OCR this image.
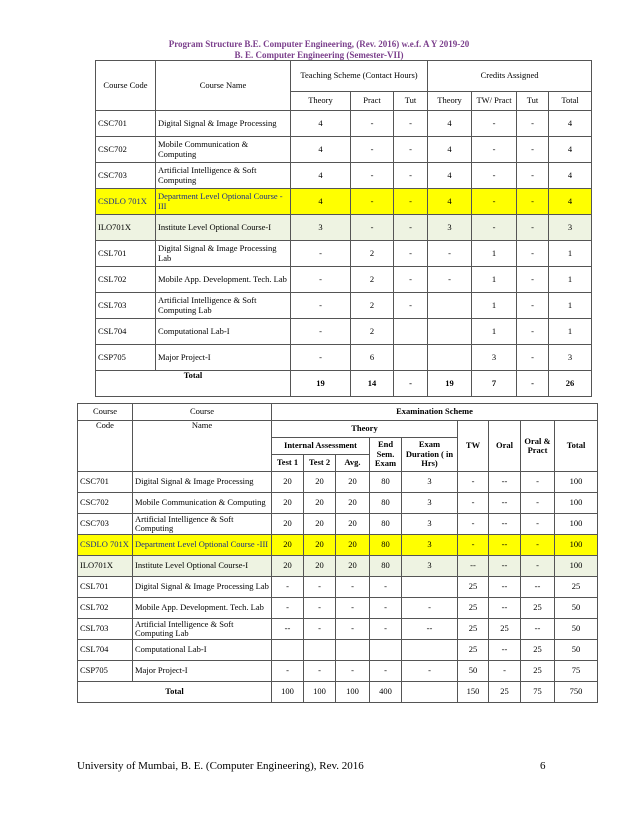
Program Structure B.E. Computer Engineering, (Rev. 2016) w.e.f. A Y 2019-20
B. E. Computer Engineering (Semester-VII)
Course Code	Course Name	Teaching Scheme (Contact Hours)			Credits Assigned			
		Theory	Pract	Tut	Theory	TW/ Pract	Tut	Total
CSC701	Digital Signal & Image Processing	4	-	-	4	-	-	4
CSC702	Mobile Communication & Computing	4	-	-	4	-	-	4
CSC703	Artificial Intelligence & Soft Computing	4	-	-	4	-	-	4
CSDLO 701X	Department Level Optional Course -III	4	-	-	4	-	-	4
ILO701X	Institute Level Optional Course-I	3	-	-	3	-	-	3
CSL701	Digital Signal & Image Processing Lab	-	2	-	-	1	-	1
CSL702	Mobile App. Development. Tech. Lab	-	2	-	-	1	-	1
CSL703	Artificial Intelligence & Soft Computing Lab	-	2	-		1	-	1
CSL704	Computational Lab-I	-	2			1	-	1
CSP705	Major Project-I	-	6			3	-	3
Total		19	14	-	19	7	-	26
Course	Course	Examination Scheme								
Code	Name	Theory					TW	Oral	Oral & Pract	Total
		Internal Assessment			End Sem. Exam	Exam Duration ( in Hrs)				
		Test 1	Test 2	Avg.						
CSC701	Digital Signal & Image Processing	20	20	20	80	3	-	--	-	100
CSC702	Mobile Communication & Computing	20	20	20	80	3	-	--	-	100
CSC703	Artificial Intelligence & Soft Computing	20	20	20	80	3	-	--	-	100
CSDLO 701X	Department Level Optional Course -III	20	20	20	80	3	-	--	-	100
ILO701X	Institute Level Optional Course-I	20	20	20	80	3	--	--	-	100
CSL701	Digital Signal & Image Processing Lab	-	-	-	-		25	--	--	25
CSL702	Mobile App. Development. Tech. Lab	-	-	-	-	-	25	--	25	50
CSL703	Artificial Intelligence & Soft Computing Lab	--	-	-	-	--	25	25	--	50
CSL704	Computational Lab-I						25	--	25	50
CSP705	Major Project-I	-	-	-	-	-	50	-	25	75
Total		100	100	100	400		150	25	75	750
University of Mumbai, B. E. (Computer Engineering), Rev. 2016	6
